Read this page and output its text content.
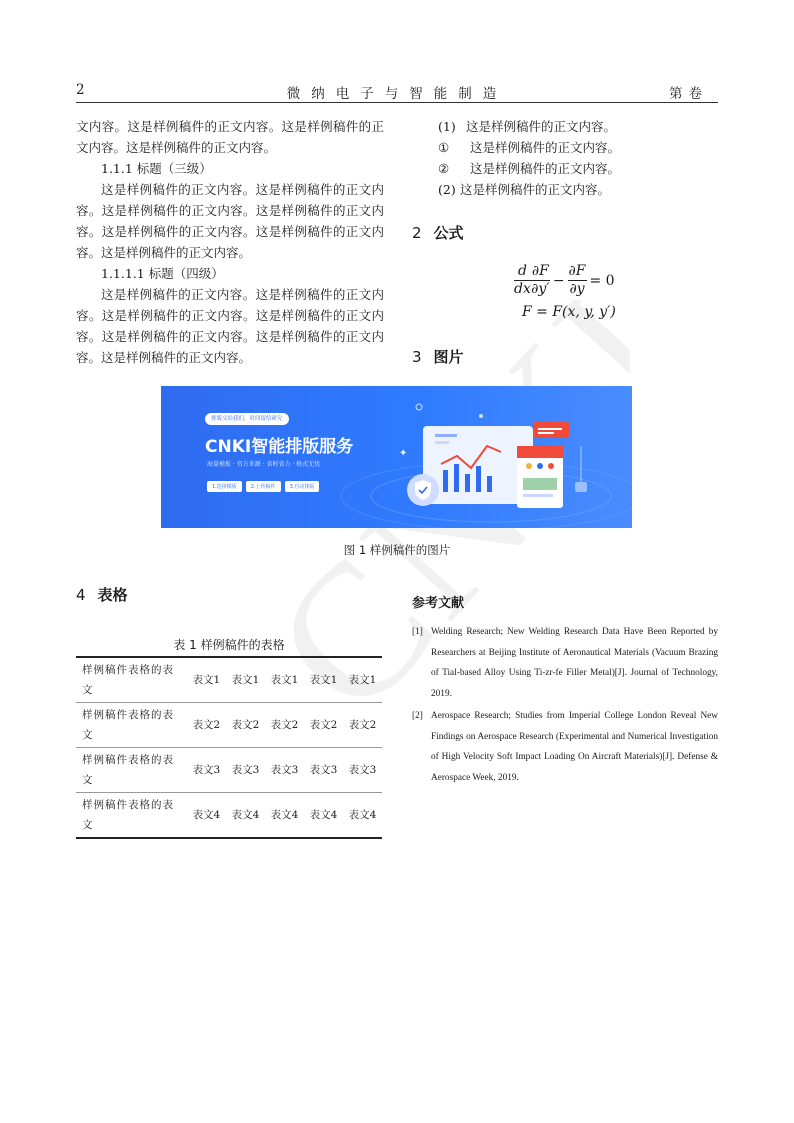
2	微纳电子与智能制造	第卷

文内容。这是样例稿件的正文内容。这是样例稿件的正文内容。这是样例稿件的正文内容。

1.1.1 标题（三级）

这是样例稿件的正文内容。这是样例稿件的正文内容。这是样例稿件的正文内容。这是样例稿件的正文内容。这是样例稿件的正文内容。这是样例稿件的正文内容。这是样例稿件的正文内容。

1.1.1.1 标题（四级）

这是样例稿件的正文内容。这是样例稿件的正文内容。这是样例稿件的正文内容。这是样例稿件的正文内容。这是样例稿件的正文内容。这是样例稿件的正文内容。这是样例稿件的正文内容。

(1) 这是样例稿件的正文内容。

① 这是样例稿件的正文内容。

② 这是样例稿件的正文内容。

(2) 这是样例稿件的正文内容。

2 公式
$\frac{d}{dx} \frac{\partial F}{\partial y'} - \frac{\partial F}{\partial y} = 0$
F = F(x, y, y′)
3 图片
✦
排版交给我们，时间留给研究
CNKI智能排版服务
海量模板 · 官方来源 · 省时省力 · 格式无忧
1.选择模板	2.上传稿件	3.自动排版
图 1 样例稿件的图片
4 表格
表 1 样例稿件的表格
样例稿件表格的表文	表文1	表文1	表文1	表文1	表文1
样例稿件表格的表文	表文2	表文2	表文2	表文2	表文2
样例稿件表格的表文	表文3	表文3	表文3	表文3	表文3
样例稿件表格的表文	表文4	表文4	表文4	表文4	表文4
参考文献

[1] Welding Research; New Welding Research Data Have Been Reported by Researchers at Beijing Institute of Aeronautical Materials (Vacuum Brazing of Tial-based Alloy Using Ti-zr-fe Filler Metal)[J]. Journal of Technology, 2019.

[2] Aerospace Research; Studies from Imperial College London Reveal New Findings on Aerospace Research (Experimental and Numerical Investigation of High Velocity Soft Impact Loading On Aircraft Materials)[J]. Defense & Aerospace Week, 2019.
